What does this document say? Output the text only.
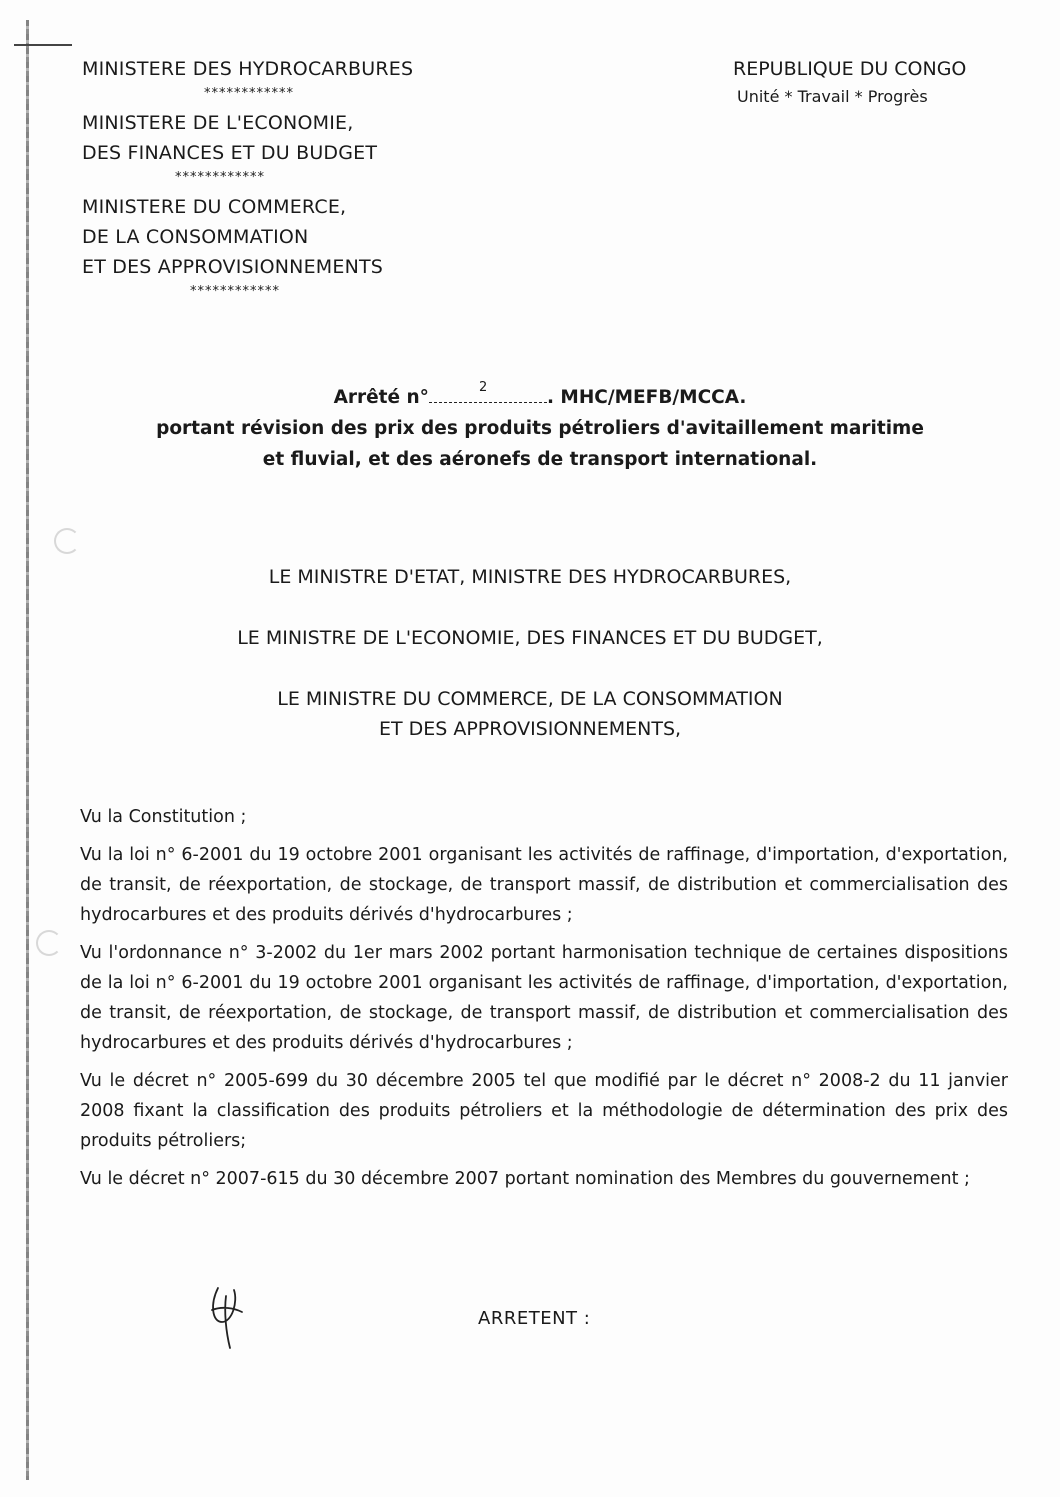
MINISTERE DES HYDROCARBURES
************
MINISTERE DE L'ECONOMIE,
DES FINANCES ET DU BUDGET
************
MINISTERE DU COMMERCE,
DE LA CONSOMMATION
ET DES APPROVISIONNEMENTS
************
REPUBLIQUE DU CONGO
Unité * Travail * Progrès
Arrêté n°	2	. MHC/MEFB/MCCA.
portant révision des prix des produits pétroliers d'avitaillement maritime
et fluvial, et des aéronefs de transport international.
LE MINISTRE D'ETAT, MINISTRE DES HYDROCARBURES,
LE MINISTRE DE L'ECONOMIE, DES FINANCES ET DU BUDGET,
LE MINISTRE DU COMMERCE, DE LA CONSOMMATION
ET DES APPROVISIONNEMENTS,

Vu la Constitution ;

Vu la loi n° 6-2001 du 19 octobre 2001 organisant les activités de raffinage, d'importation, d'exportation, de transit, de réexportation, de stockage, de transport massif, de distribution et commercialisation des hydrocarbures et des produits dérivés d'hydrocarbures ;

Vu l'ordonnance n° 3-2002 du 1er mars 2002 portant harmonisation technique de certaines dispositions de la loi n° 6-2001 du 19 octobre 2001 organisant les activités de raffinage, d'importation, d'exportation, de transit, de réexportation, de stockage, de transport massif, de distribution et commercialisation des hydrocarbures et des produits dérivés d'hydrocarbures ;

Vu le décret n° 2005-699 du 30 décembre 2005 tel que modifié par le décret n° 2008-2 du 11 janvier 2008 fixant la classification des produits pétroliers et la méthodologie de détermination des prix des produits pétroliers;

Vu le décret n° 2007-615 du 30 décembre 2007 portant nomination des Membres du gouvernement ;

ARRETENT :
